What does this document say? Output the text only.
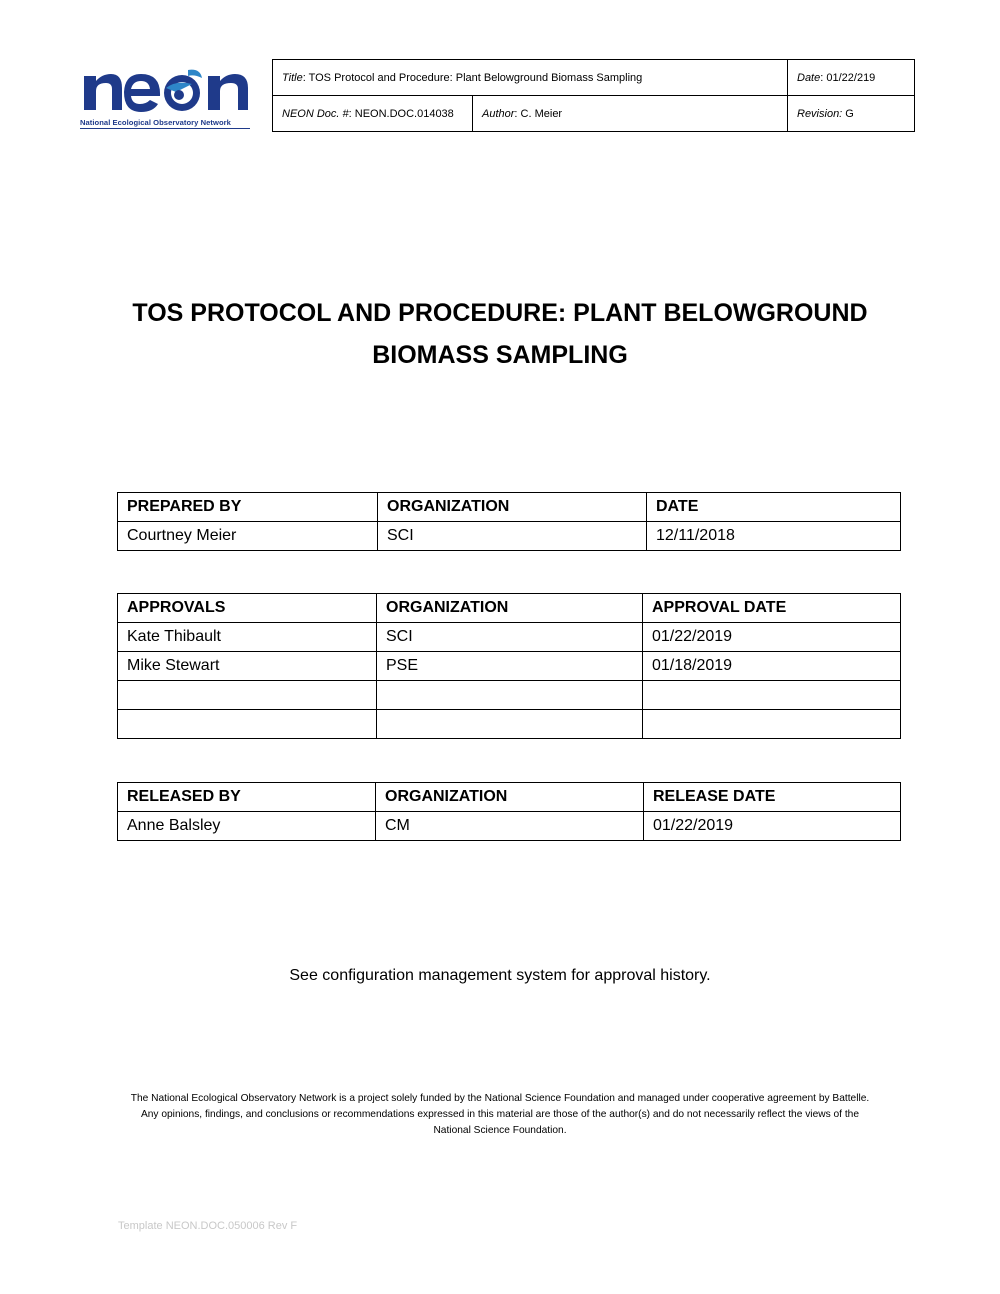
National Ecological Observatory Network
Title: TOS Protocol and Procedure: Plant Belowground Biomass Sampling		Date: 01/22/219
NEON Doc. #: NEON.DOC.014038	Author: C. Meier	Revision: G
TOS PROTOCOL AND PROCEDURE: PLANT BELOWGROUND
BIOMASS SAMPLING
PREPARED BY	ORGANIZATION	DATE
Courtney Meier	SCI	12/11/2018
APPROVALS	ORGANIZATION	APPROVAL DATE
Kate Thibault	SCI	01/22/2019
Mike Stewart	PSE	01/18/2019

RELEASED BY	ORGANIZATION	RELEASE DATE
Anne Balsley	CM	01/22/2019
See configuration management system for approval history.
The National Ecological Observatory Network is a project solely funded by the National Science Foundation and managed under cooperative agreement by Battelle.
Any opinions, findings, and conclusions or recommendations expressed in this material are those of the author(s) and do not necessarily reflect the views of the
National Science Foundation.
Template NEON.DOC.050006 Rev F
